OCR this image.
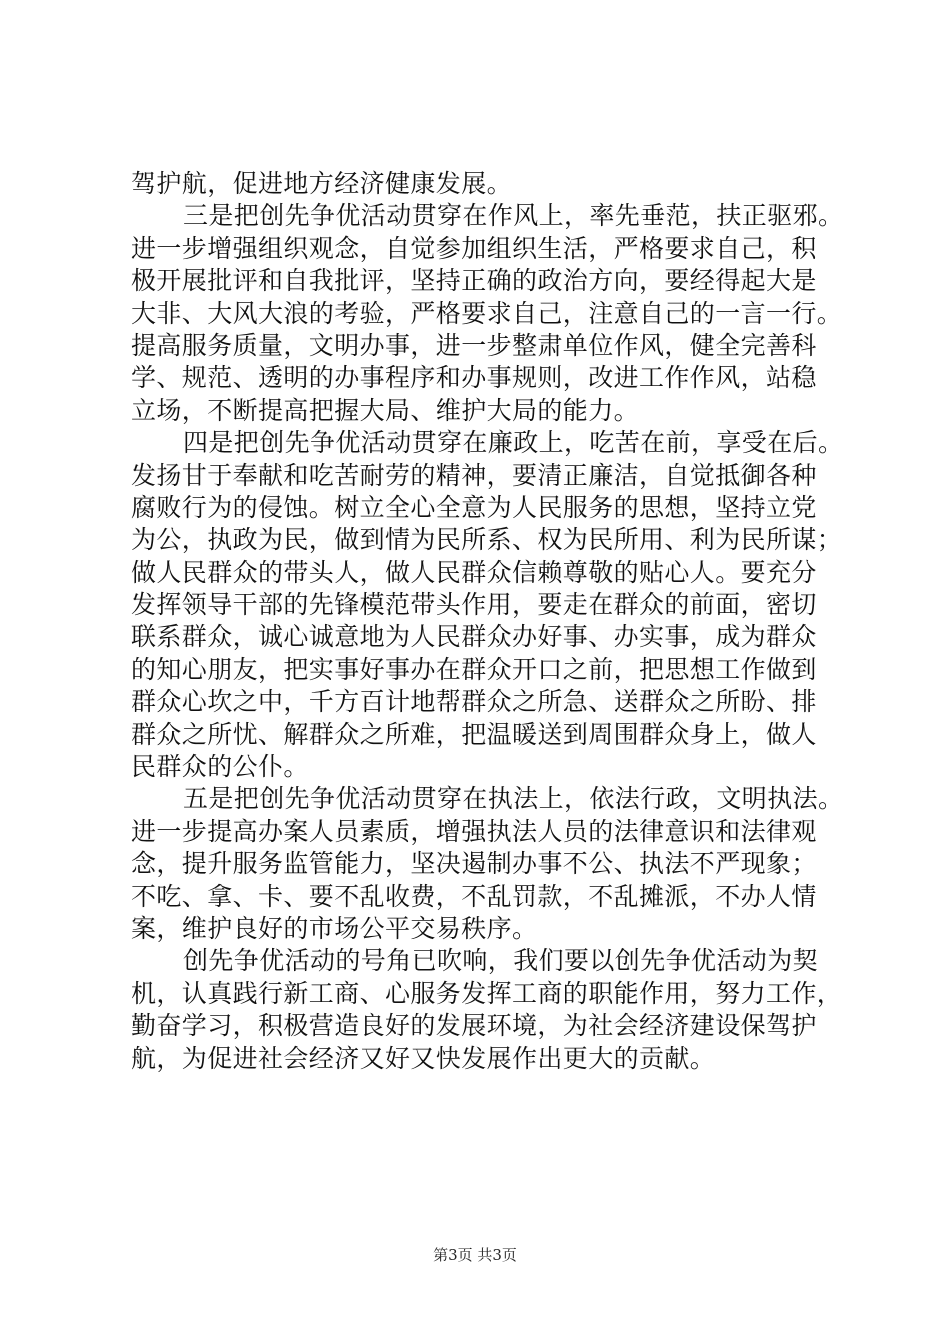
驾护航，促进地方经济健康发展。
三是把创先争优活动贯穿在作风上，率先垂范，扶正驱邪。
进一步增强组织观念，自觉参加组织生活，严格要求自己，积
极开展批评和自我批评，坚持正确的政治方向，要经得起大是
大非、大风大浪的考验，严格要求自己，注意自己的一言一行。
提高服务质量，文明办事，进一步整肃单位作风，健全完善科
学、规范、透明的办事程序和办事规则，改进工作作风，站稳
立场，不断提高把握大局、维护大局的能力。
四是把创先争优活动贯穿在廉政上，吃苦在前，享受在后。
发扬甘于奉献和吃苦耐劳的精神，要清正廉洁，自觉抵御各种
腐败行为的侵蚀。树立全心全意为人民服务的思想，坚持立党
为公，执政为民，做到情为民所系、权为民所用、利为民所谋；
做人民群众的带头人，做人民群众信赖尊敬的贴心人。要充分
发挥领导干部的先锋模范带头作用，要走在群众的前面，密切
联系群众，诚心诚意地为人民群众办好事、办实事，成为群众
的知心朋友，把实事好事办在群众开口之前，把思想工作做到
群众心坎之中，千方百计地帮群众之所急、送群众之所盼、排
群众之所忧、解群众之所难，把温暖送到周围群众身上，做人
民群众的公仆。
五是把创先争优活动贯穿在执法上，依法行政，文明执法。
进一步提高办案人员素质，增强执法人员的法律意识和法律观
念，提升服务监管能力，坚决遏制办事不公、执法不严现象；
不吃、拿、卡、要不乱收费，不乱罚款，不乱摊派，不办人情
案，维护良好的市场公平交易秩序。
创先争优活动的号角已吹响，我们要以创先争优活动为契
机，认真践行新工商、心服务发挥工商的职能作用，努力工作，
勤奋学习，积极营造良好的发展环境，为社会经济建设保驾护
航，为促进社会经济又好又快发展作出更大的贡献。
第3页 共3页
